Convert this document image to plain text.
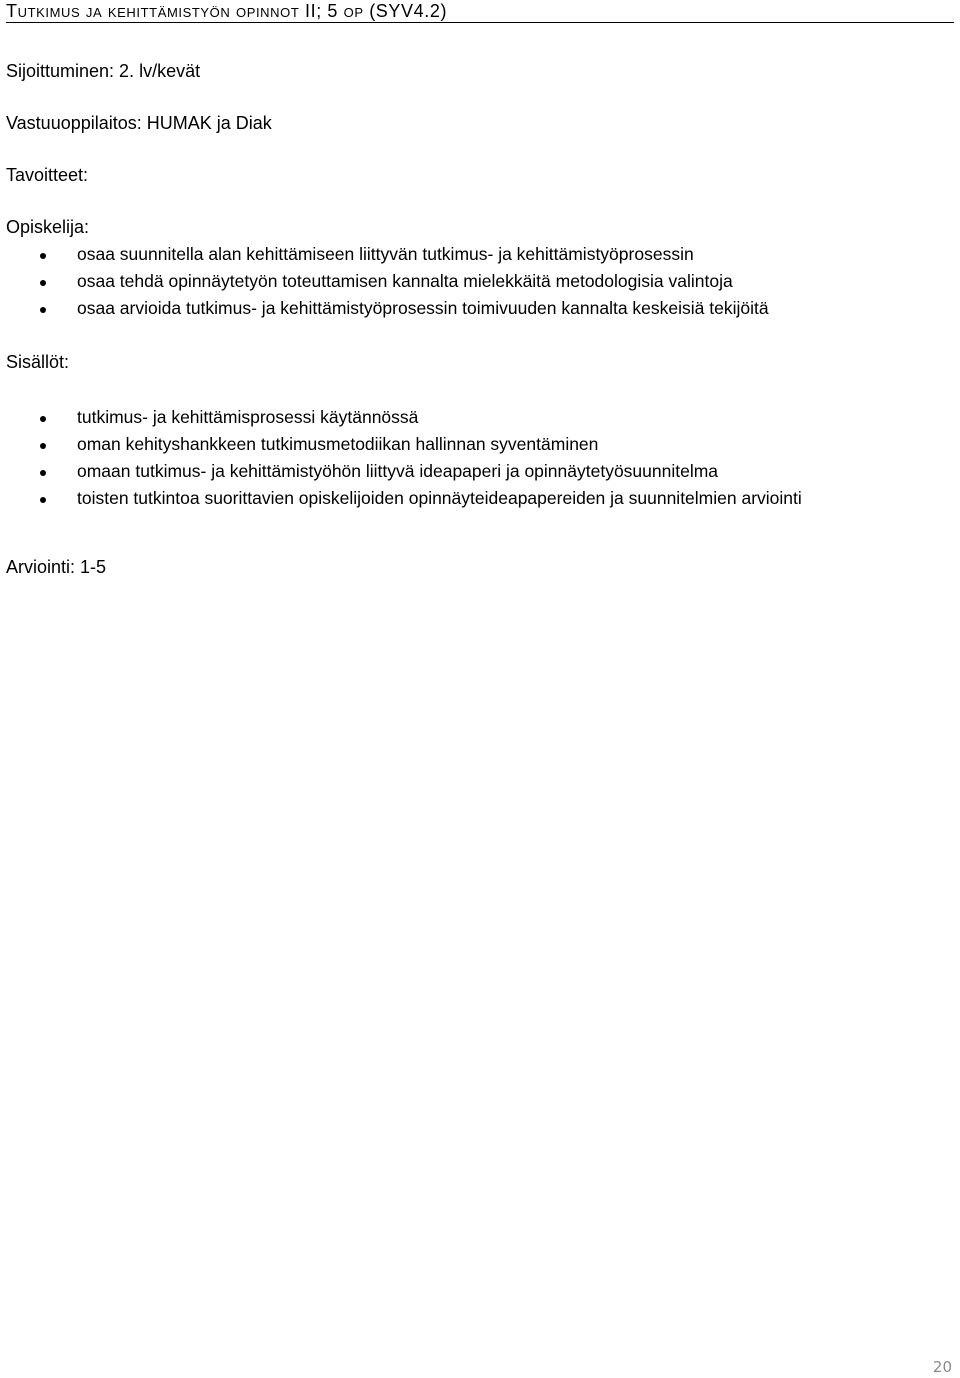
Tutkimus ja kehittämistyön opinnot II; 5 op (SYV4.2)
Sijoittuminen: 2. lv/kevät
Vastuuoppilaitos: HUMAK ja Diak
Tavoitteet:
Opiskelija:
osaa suunnitella alan kehittämiseen liittyvän tutkimus- ja kehittämistyöprosessin
osaa tehdä opinnäytetyön toteuttamisen kannalta mielekkäitä metodologisia valintoja
osaa arvioida tutkimus- ja kehittämistyöprosessin toimivuuden kannalta keskeisiä tekijöitä
Sisällöt:
tutkimus- ja kehittämisprosessi käytännössä
oman kehityshankkeen tutkimusmetodiikan hallinnan syventäminen
omaan tutkimus- ja kehittämistyöhön liittyvä ideapaperi ja opinnäytetyösuunnitelma
toisten tutkintoa suorittavien opiskelijoiden opinnäyteideapapereiden ja suunnitelmien arviointi
Arviointi: 1-5
20
